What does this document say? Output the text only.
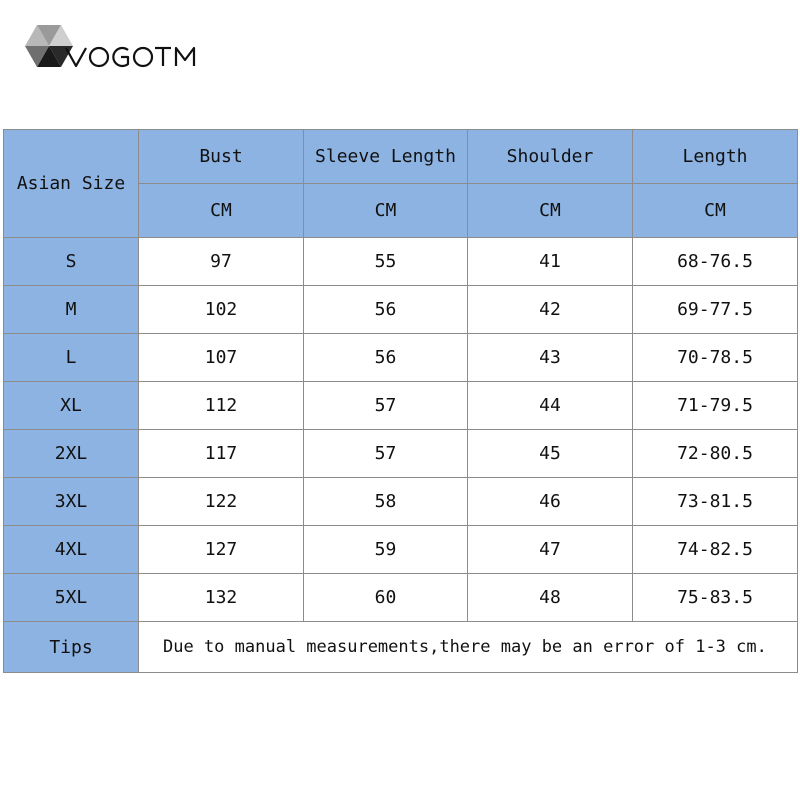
Asian Size	Bust	Sleeve Length	Shoulder	Length
	CM	CM	CM	CM
S	97	55	41	68-76.5
M	102	56	42	69-77.5
L	107	56	43	70-78.5
XL	112	57	44	71-79.5
2XL	117	57	45	72-80.5
3XL	122	58	46	73-81.5
4XL	127	59	47	74-82.5
5XL	132	60	48	75-83.5
Tips	Due to manual measurements,there may be an error of 1-3 cm.			
